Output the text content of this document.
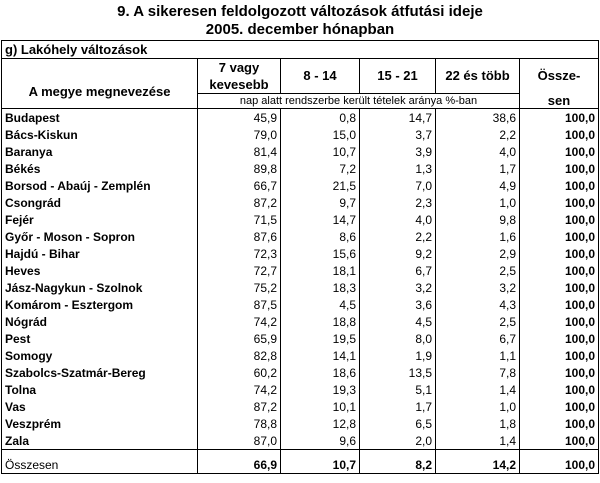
9. A sikeresen feldolgozott változások átfutási ideje
2005. december hónapban
g) Lakóhely változások					
	7 vagy	8 - 14	15 - 21	22 és több	Össze-
A megye megnevezése	kevesebb				
	nap alatt rendszerbe került tételek aránya %-ban				sen
Budapest	45,9	0,8	14,7	38,6	100,0
Bács-Kiskun	79,0	15,0	3,7	2,2	100,0
Baranya	81,4	10,7	3,9	4,0	100,0
Békés	89,8	7,2	1,3	1,7	100,0
Borsod - Abaúj - Zemplén	66,7	21,5	7,0	4,9	100,0
Csongrád	87,2	9,7	2,3	1,0	100,0
Fejér	71,5	14,7	4,0	9,8	100,0
Győr - Moson - Sopron	87,6	8,6	2,2	1,6	100,0
Hajdú - Bihar	72,3	15,6	9,2	2,9	100,0
Heves	72,7	18,1	6,7	2,5	100,0
Jász-Nagykun - Szolnok	75,2	18,3	3,2	3,2	100,0
Komárom - Esztergom	87,5	4,5	3,6	4,3	100,0
Nógrád	74,2	18,8	4,5	2,5	100,0
Pest	65,9	19,5	8,0	6,7	100,0
Somogy	82,8	14,1	1,9	1,1	100,0
Szabolcs-Szatmár-Bereg	60,2	18,6	13,5	7,8	100,0
Tolna	74,2	19,3	5,1	1,4	100,0
Vas	87,2	10,1	1,7	1,0	100,0
Veszprém	78,8	12,8	6,5	1,8	100,0
Zala	87,0	9,6	2,0	1,4	100,0

Összesen	66,9	10,7	8,2	14,2	100,0
